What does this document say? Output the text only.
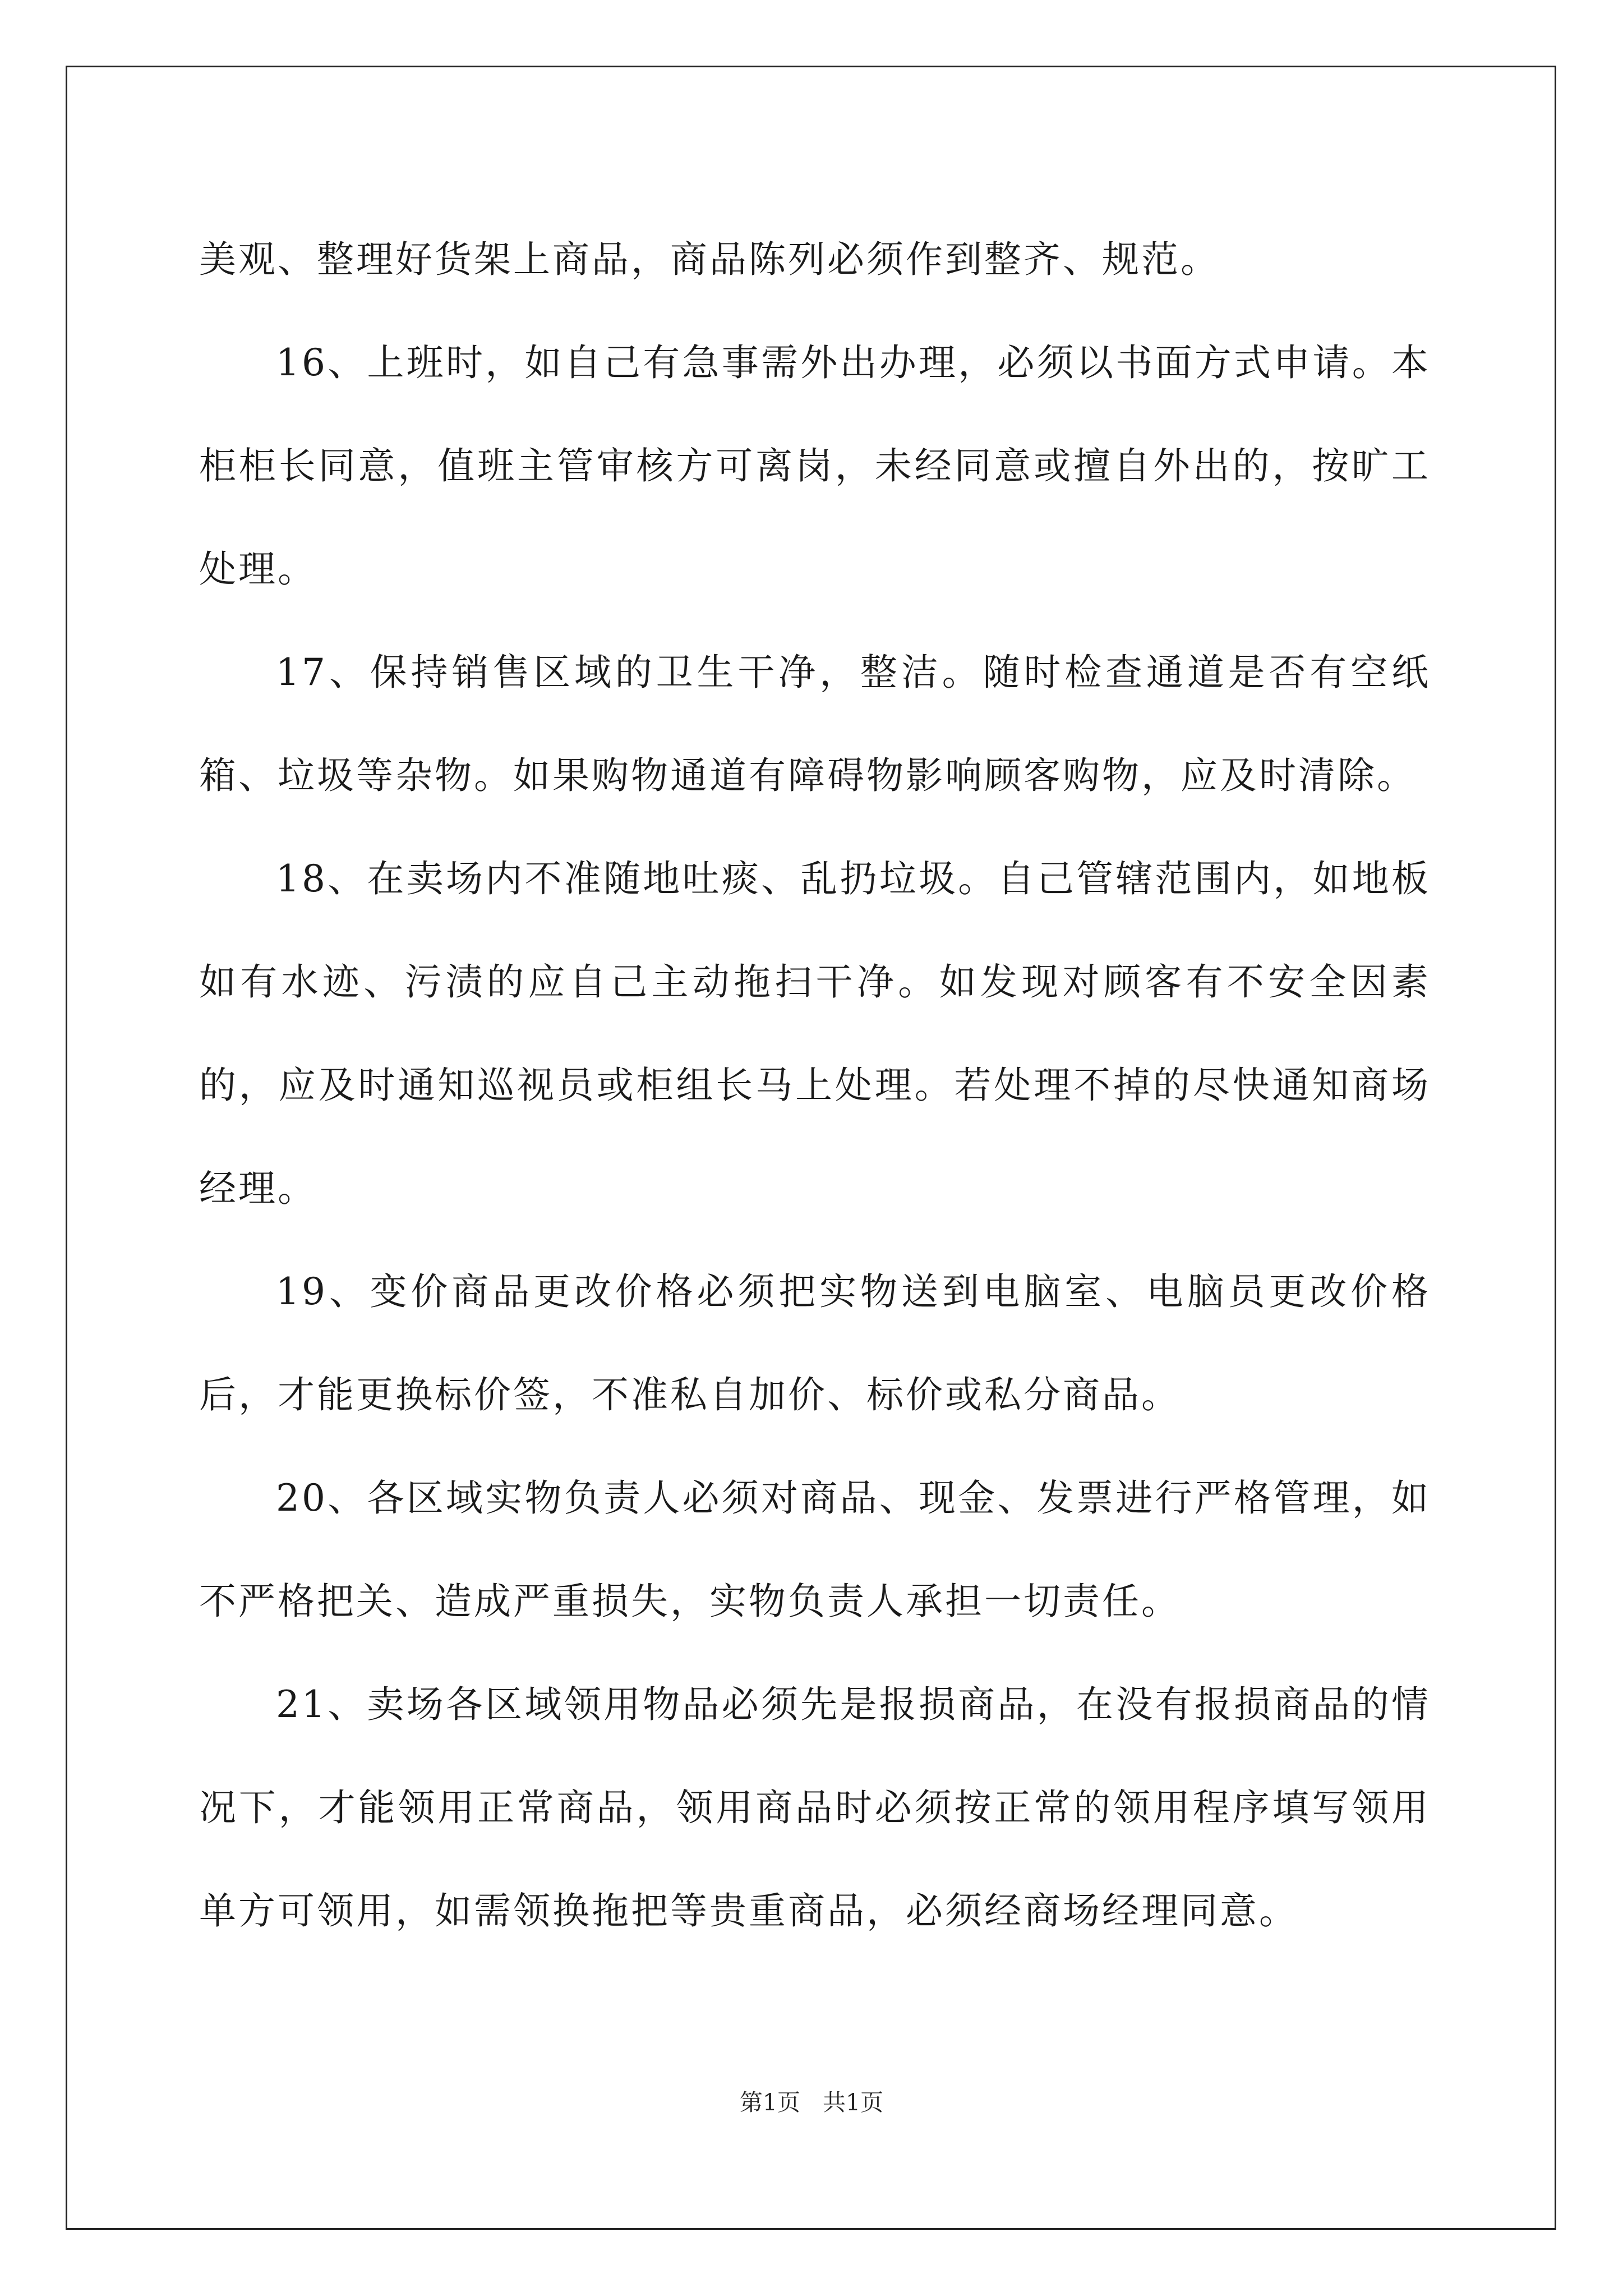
美观、整理好货架上商品，商品陈列必须作到整齐、规范。

16、上班时，如自己有急事需外出办理，必须以书面方式申请。本柜柜长同意，值班主管审核方可离岗，未经同意或擅自外出的，按旷工处理。

17、保持销售区域的卫生干净，整洁。随时检查通道是否有空纸箱、垃圾等杂物。如果购物通道有障碍物影响顾客购物，应及时清除。

18、在卖场内不准随地吐痰、乱扔垃圾。自己管辖范围内，如地板如有水迹、污渍的应自己主动拖扫干净。如发现对顾客有不安全因素的，应及时通知巡视员或柜组长马上处理。若处理不掉的尽快通知商场经理。

19、变价商品更改价格必须把实物送到电脑室、电脑员更改价格后，才能更换标价签，不准私自加价、标价或私分商品。

20、各区域实物负责人必须对商品、现金、发票进行严格管理，如不严格把关、造成严重损失，实物负责人承担一切责任。

21、卖场各区域领用物品必须先是报损商品，在没有报损商品的情况下，才能领用正常商品，领用商品时必须按正常的领用程序填写领用单方可领用，如需领换拖把等贵重商品，必须经商场经理同意。

第1页 共1页
